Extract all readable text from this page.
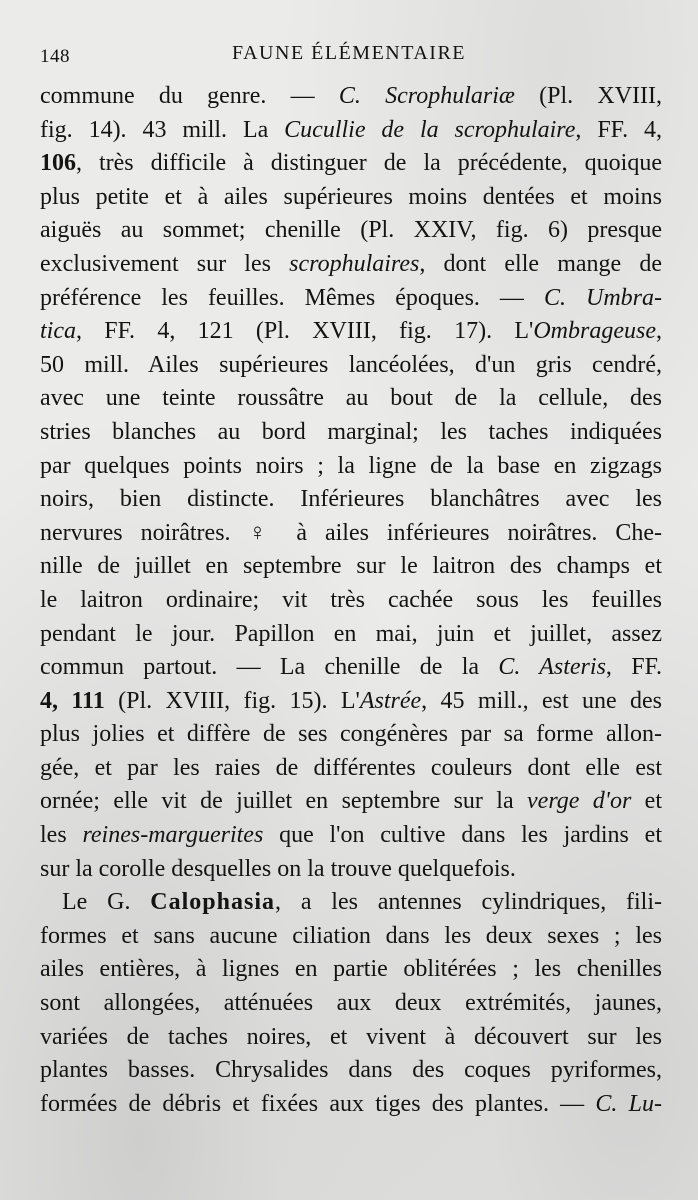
148	FAUNE ÉLÉMENTAIRE
commune du genre. — C. Scrophulariæ (Pl. XVIII,
fig. 14). 43 mill. La Cucullie de la scrophulaire, FF. 4,
106, très difficile à distinguer de la précédente, quoique
plus petite et à ailes supérieures moins dentées et moins
aiguës au sommet; chenille (Pl. XXIV, fig. 6) presque
exclusivement sur les scrophulaires, dont elle mange de
préférence les feuilles. Mêmes époques. — C. Umbra-
tica, FF. 4, 121 (Pl. XVIII, fig. 17). L'Ombrageuse,
50 mill. Ailes supérieures lancéolées, d'un gris cendré,
avec une teinte roussâtre au bout de la cellule, des
stries blanches au bord marginal; les taches indiquées
par quelques points noirs ; la ligne de la base en zigzags
noirs, bien distincte. Inférieures blanchâtres avec les
nervures noirâtres. ♀ à ailes inférieures noirâtres. Che-
nille de juillet en septembre sur le laitron des champs et
le laitron ordinaire; vit très cachée sous les feuilles
pendant le jour. Papillon en mai, juin et juillet, assez
commun partout. — La chenille de la C. Asteris, FF.
4, 111 (Pl. XVIII, fig. 15). L'Astrée, 45 mill., est une des
plus jolies et diffère de ses congénères par sa forme allon-
gée, et par les raies de différentes couleurs dont elle est
ornée; elle vit de juillet en septembre sur la verge d'or et
les reines-marguerites que l'on cultive dans les jardins et
sur la corolle desquelles on la trouve quelquefois.
Le G. Calophasia, a les antennes cylindriques, fili-
formes et sans aucune ciliation dans les deux sexes ; les
ailes entières, à lignes en partie oblitérées ; les chenilles
sont allongées, atténuées aux deux extrémités, jaunes,
variées de taches noires, et vivent à découvert sur les
plantes basses. Chrysalides dans des coques pyriformes,
formées de débris et fixées aux tiges des plantes. — C. Lu-
